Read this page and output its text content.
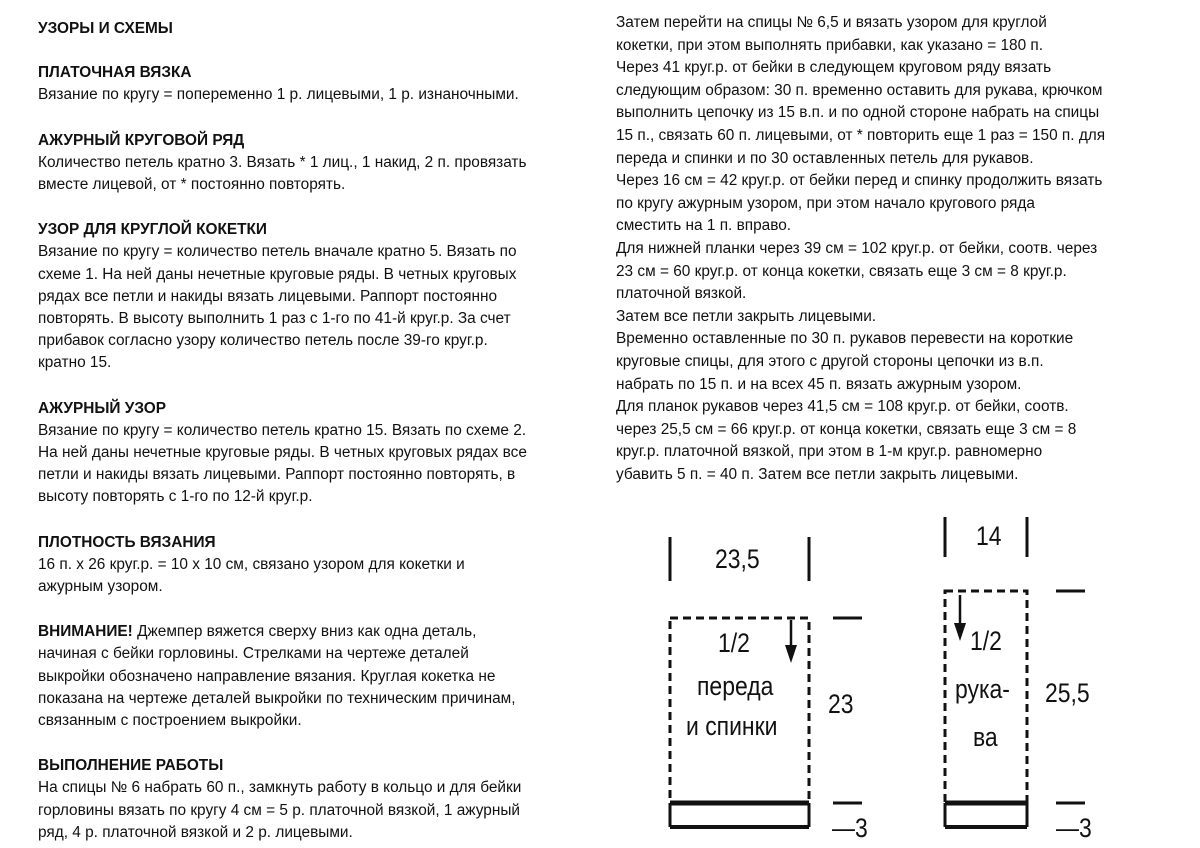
УЗОРЫ И СХЕМЫ

ПЛАТОЧНАЯ ВЯЗКА

Вязание по кругу = попеременно 1 р. лицевыми, 1 р. изнаночными.

АЖУРНЫЙ КРУГОВОЙ РЯД

Количество петель кратно 3. Вязать * 1 лиц., 1 накид, 2 п. провязать

вместе лицевой, от * постоянно повторять.

УЗОР ДЛЯ КРУГЛОЙ КОКЕТКИ

Вязание по кругу = количество петель вначале кратно 5. Вязать по

схеме 1. На ней даны нечетные круговые ряды. В четных круговых

рядах все петли и накиды вязать лицевыми. Раппорт постоянно

повторять. В высоту выполнить 1 раз с 1-го по 41-й круг.р. За счет

прибавок согласно узору количество петель после 39-го круг.р.

кратно 15.

АЖУРНЫЙ УЗОР

Вязание по кругу = количество петель кратно 15. Вязать по схеме 2.

На ней даны нечетные круговые ряды. В четных круговых рядах все

петли и накиды вязать лицевыми. Раппорт постоянно повторять, в

высоту повторять с 1-го по 12-й круг.р.

ПЛОТНОСТЬ ВЯЗАНИЯ

16 п. х 26 круг.р. = 10 х 10 см, связано узором для кокетки и

ажурным узором.

ВНИМАНИЕ! Джемпер вяжется сверху вниз как одна деталь,

начиная с бейки горловины. Стрелками на чертеже деталей

выкройки обозначено направление вязания. Круглая кокетка не

показана на чертеже деталей выкройки по техническим причинам,

связанным с построением выкройки.

ВЫПОЛНЕНИЕ РАБОТЫ

На спицы № 6 набрать 60 п., замкнуть работу в кольцо и для бейки

горловины вязать по кругу 4 см = 5 р. платочной вязкой, 1 ажурный

ряд, 4 р. платочной вязкой и 2 р. лицевыми.

Затем перейти на спицы № 6,5 и вязать узором для круглой

кокетки, при этом выполнять прибавки, как указано = 180 п.

Через 41 круг.р. от бейки в следующем круговом ряду вязать

следующим образом: 30 п. временно оставить для рукава, крючком

выполнить цепочку из 15 в.п. и по одной стороне набрать на спицы

15 п., связать 60 п. лицевыми, от * повторить еще 1 раз = 150 п. для

переда и спинки и по 30 оставленных петель для рукавов.

Через 16 см = 42 круг.р. от бейки перед и спинку продолжить вязать

по кругу ажурным узором, при этом начало кругового ряда

сместить на 1 п. вправо.

Для нижней планки через 39 см = 102 круг.р. от бейки, соотв. через

23 см = 60 круг.р. от конца кокетки, связать еще 3 см = 8 круг.р.

платочной вязкой.

Затем все петли закрыть лицевыми.

Временно оставленные по 30 п. рукавов перевести на короткие

круговые спицы, для этого с другой стороны цепочки из в.п.

набрать по 15 п. и на всех 45 п. вязать ажурным узором.

Для планок рукавов через 41,5 см = 108 круг.р. от бейки, соотв.

через 25,5 см = 66 круг.р. от конца кокетки, связать еще 3 см = 8

круг.р. платочной вязкой, при этом в 1-м круг.р. равномерно

убавить 5 п. = 40 п. Затем все петли закрыть лицевыми.

23,5
23
—3
1/2
переда
и спинки
14
25,5
—3
1/2
рука-
ва
